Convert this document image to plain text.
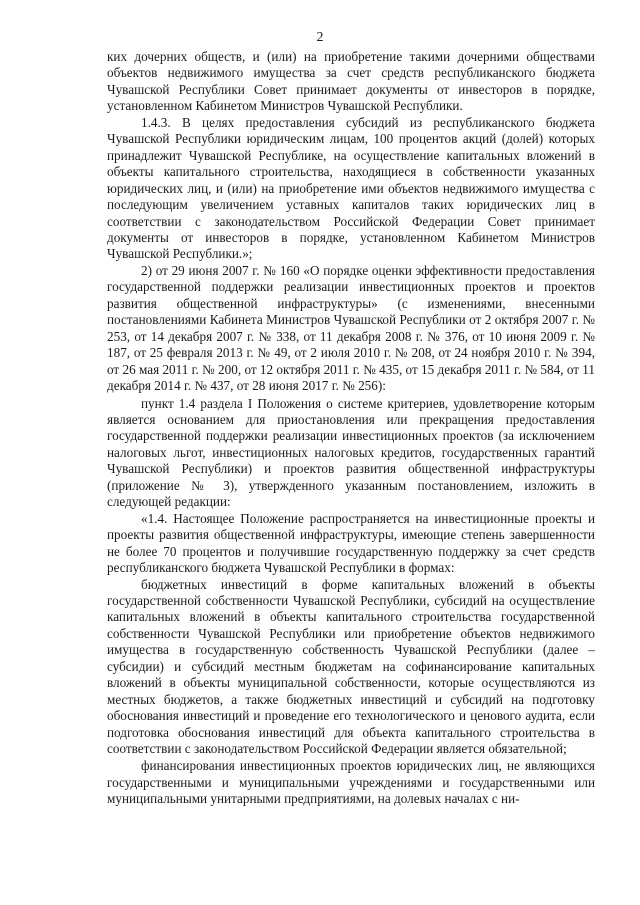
2

ких дочерних обществ, и (или) на приобретение такими дочерними обществами объектов недвижимого имущества за счет средств республиканского бюджета Чувашской Республики Совет принимает документы от инвесторов в порядке, установленном Кабинетом Министров Чувашской Республики.

1.4.3. В целях предоставления субсидий из республиканского бюджета Чувашской Республики юридическим лицам, 100 процентов акций (долей) которых принадлежит Чувашской Республике, на осуществление капитальных вложений в объекты капитального строительства, находящиеся в собственности указанных юридических лиц, и (или) на приобретение ими объектов недвижимого имущества с последующим увеличением уставных капиталов таких юридических лиц в соответствии с законодательством Российской Федерации Совет принимает документы от инвесторов в порядке, установленном Кабинетом Министров Чувашской Республики.»;

2) от 29 июня 2007 г. № 160 «О порядке оценки эффективности предоставления государственной поддержки реализации инвестиционных проектов и проектов развития общественной инфраструктуры» (с изменениями, внесенными постановлениями Кабинета Министров Чувашской Республики от 2 октября 2007 г. № 253, от 14 декабря 2007 г. № 338, от 11 декабря 2008 г. № 376, от 10 июня 2009 г. № 187, от 25 февраля 2013 г. № 49, от 2 июля 2010 г. № 208, от 24 ноября 2010 г. № 394, от 26 мая 2011 г. № 200, от 12 октября 2011 г. № 435, от 15 декабря 2011 г. № 584, от 11 декабря 2014 г. № 437, от 28 июня 2017 г. № 256):

пункт 1.4 раздела I Положения о системе критериев, удовлетворение которым является основанием для приостановления или прекращения предоставления государственной поддержки реализации инвестиционных проектов (за исключением налоговых льгот, инвестиционных налоговых кредитов, государственных гарантий Чувашской Республики) и проектов развития общественной инфраструктуры (приложение № 3), утвержденного указанным постановлением, изложить в следующей редакции:

«1.4. Настоящее Положение распространяется на инвестиционные проекты и проекты развития общественной инфраструктуры, имеющие степень завершенности не более 70 процентов и получившие государственную поддержку за счет средств республиканского бюджета Чувашской Республики в формах:

бюджетных инвестиций в форме капитальных вложений в объекты государственной собственности Чувашской Республики, субсидий на осуществление капитальных вложений в объекты капитального строительства государственной собственности Чувашской Республики или приобретение объектов недвижимого имущества в государственную собственность Чувашской Республики (далее – субсидии) и субсидий местным бюджетам на софинансирование капитальных вложений в объекты муниципальной собственности, которые осуществляются из местных бюджетов, а также бюджетных инвестиций и субсидий на подготовку обоснования инвестиций и проведение его технологического и ценового аудита, если подготовка обоснования инвестиций для объекта капитального строительства в соответствии с законодательством Российской Федерации является обязательной;

финансирования инвестиционных проектов юридических лиц, не являющихся государственными и муниципальными учреждениями и государственными или муниципальными унитарными предприятиями, на долевых началах с ни-
